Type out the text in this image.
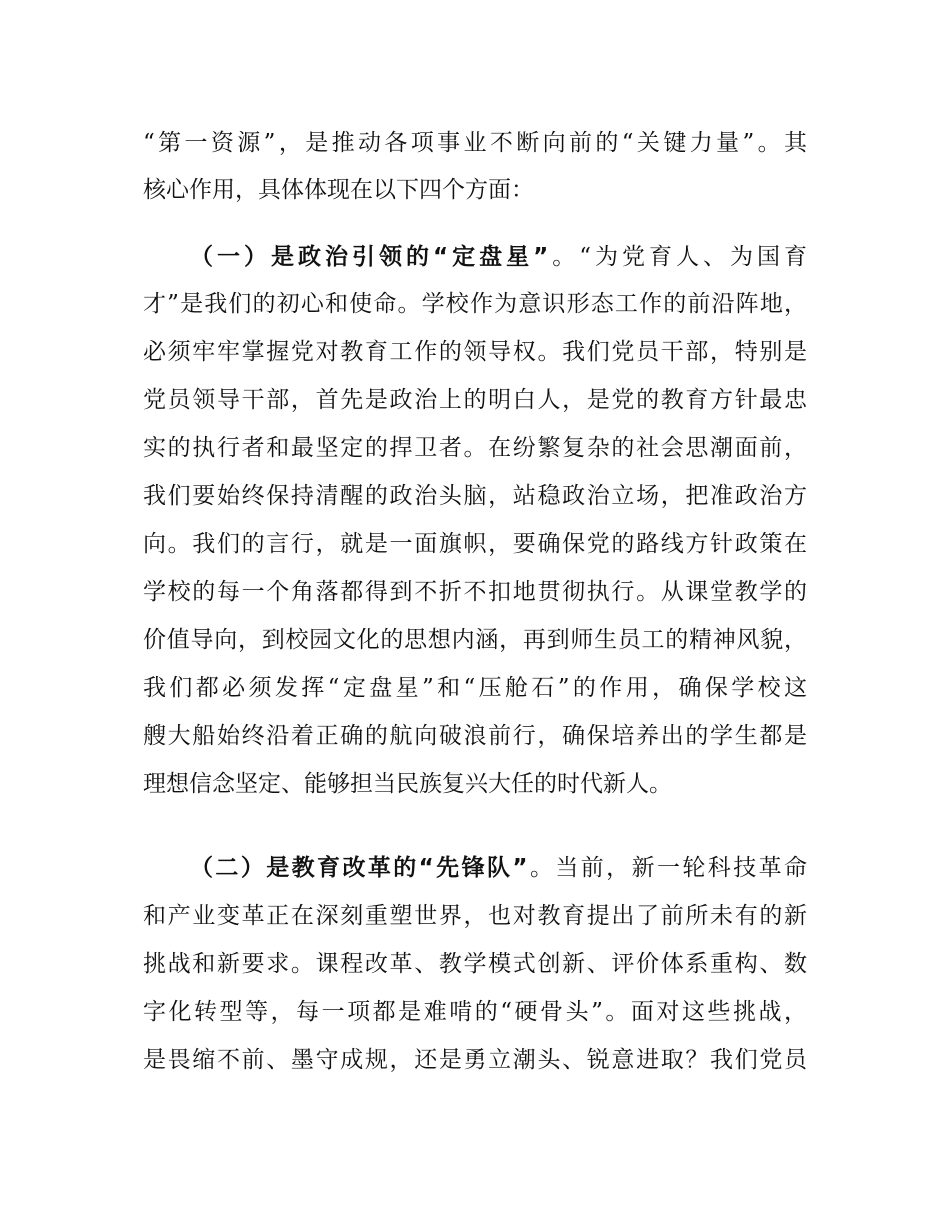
“第一资源”，是推动各项事业不断向前的“关键力量”。其
核心作用，具体体现在以下四个方面：
（一）是政治引领的“定盘星”。“为党育人、为国育
才”是我们的初心和使命。学校作为意识形态工作的前沿阵地，
必须牢牢掌握党对教育工作的领导权。我们党员干部，特别是
党员领导干部，首先是政治上的明白人，是党的教育方针最忠
实的执行者和最坚定的捍卫者。在纷繁复杂的社会思潮面前，
我们要始终保持清醒的政治头脑，站稳政治立场，把准政治方
向。我们的言行，就是一面旗帜，要确保党的路线方针政策在
学校的每一个角落都得到不折不扣地贯彻执行。从课堂教学的
价值导向，到校园文化的思想内涵，再到师生员工的精神风貌，
我们都必须发挥“定盘星”和“压舱石”的作用，确保学校这
艘大船始终沿着正确的航向破浪前行，确保培养出的学生都是
理想信念坚定、能够担当民族复兴大任的时代新人。
（二）是教育改革的“先锋队”。当前，新一轮科技革命
和产业变革正在深刻重塑世界，也对教育提出了前所未有的新
挑战和新要求。课程改革、教学模式创新、评价体系重构、数
字化转型等，每一项都是难啃的“硬骨头”。面对这些挑战，
是畏缩不前、墨守成规，还是勇立潮头、锐意进取？我们党员
